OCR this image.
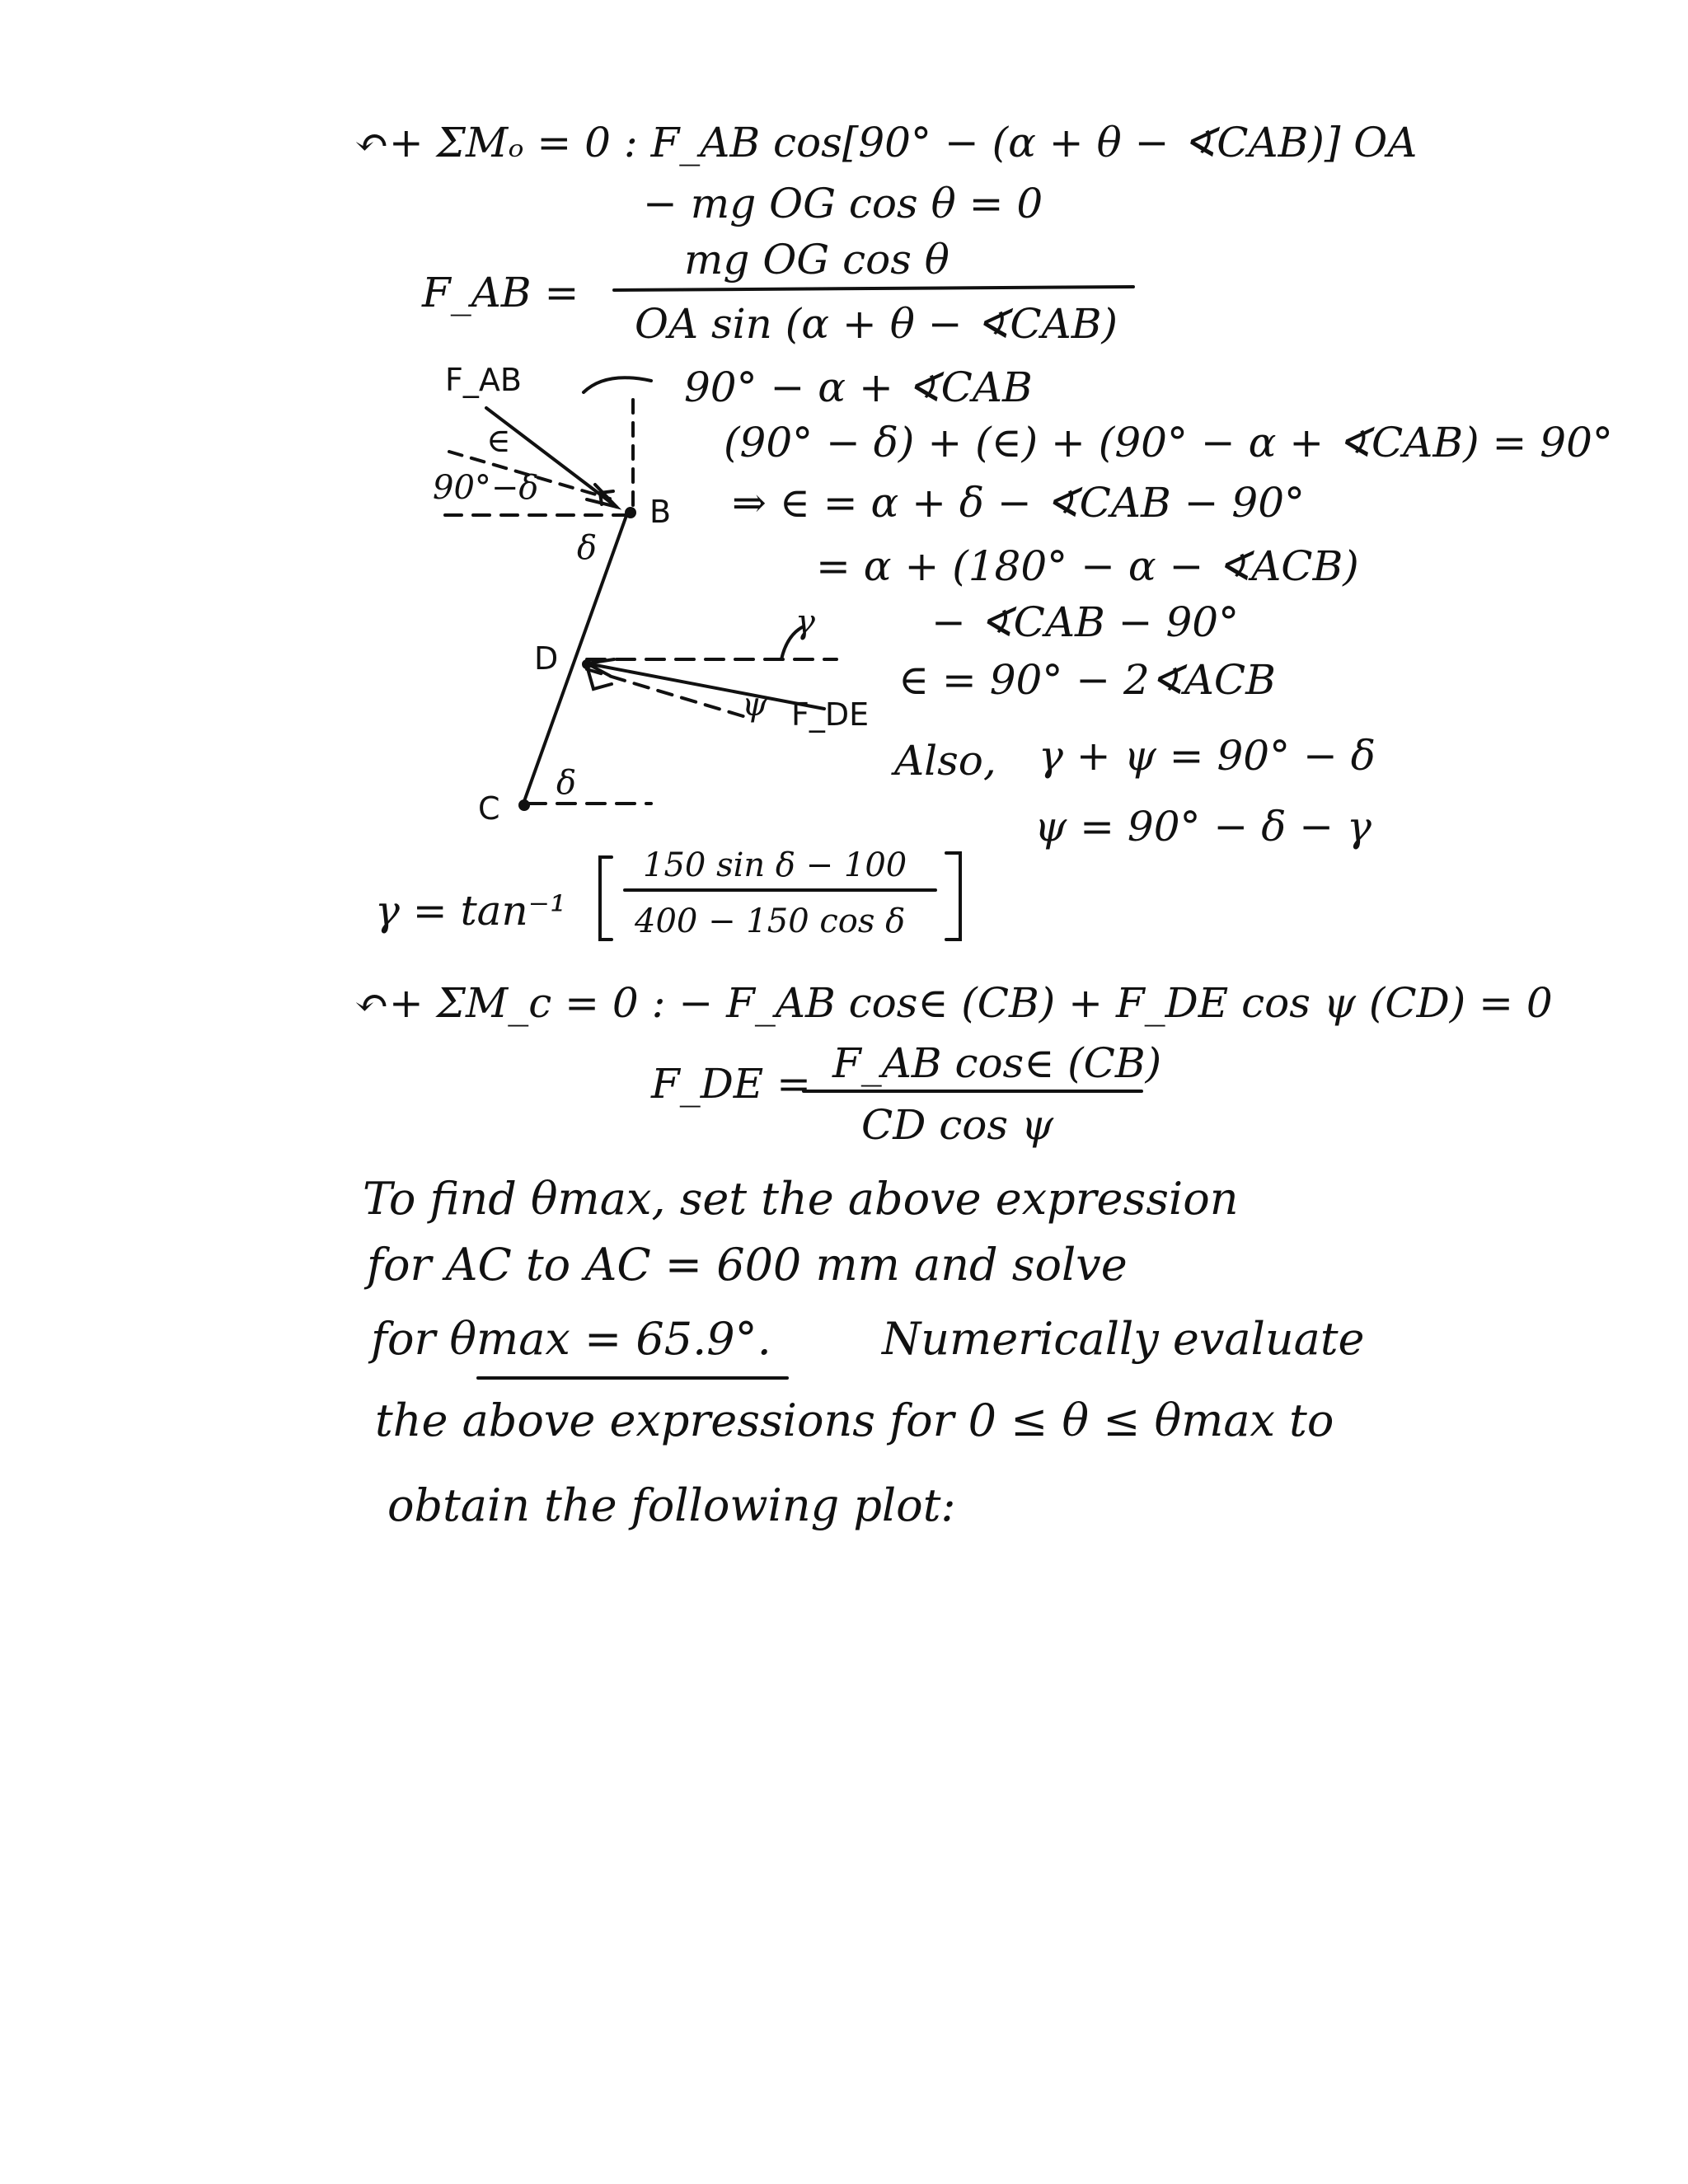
↶+ ΣMₒ = 0 : F_AB cos[90° − (α + θ − ∢CAB)] OA
− mg OG cos θ = 0
F_AB =
mg OG cos θ
OA sin (α + θ − ∢CAB)
F_AB
∈
90°−δ
δ
B
D
C
δ
γ
ψ F_DE
90° − α + ∢CAB
(90° − δ) + (∈) + (90° − α + ∢CAB) = 90°
⇒ ∈ = α + δ − ∢CAB − 90°
= α + (180° − α − ∢ACB)
− ∢CAB − 90°
∈ = 90° − 2∢ACB
Also, γ + ψ = 90° − δ
ψ = 90° − δ − γ
γ = tan⁻¹
150 sin δ − 100
400 − 150 cos δ
↶+ ΣM_c = 0 : − F_AB cos∈ (CB) + F_DE cos ψ (CD) = 0
F_DE = F_AB cos∈ (CB)
CD cos ψ
To find θmax, set the above expression
for AC to AC = 600 mm and solve
for θmax = 65.9°. Numerically evaluate
the above expressions for 0 ≤ θ ≤ θmax to
obtain the following plot:
